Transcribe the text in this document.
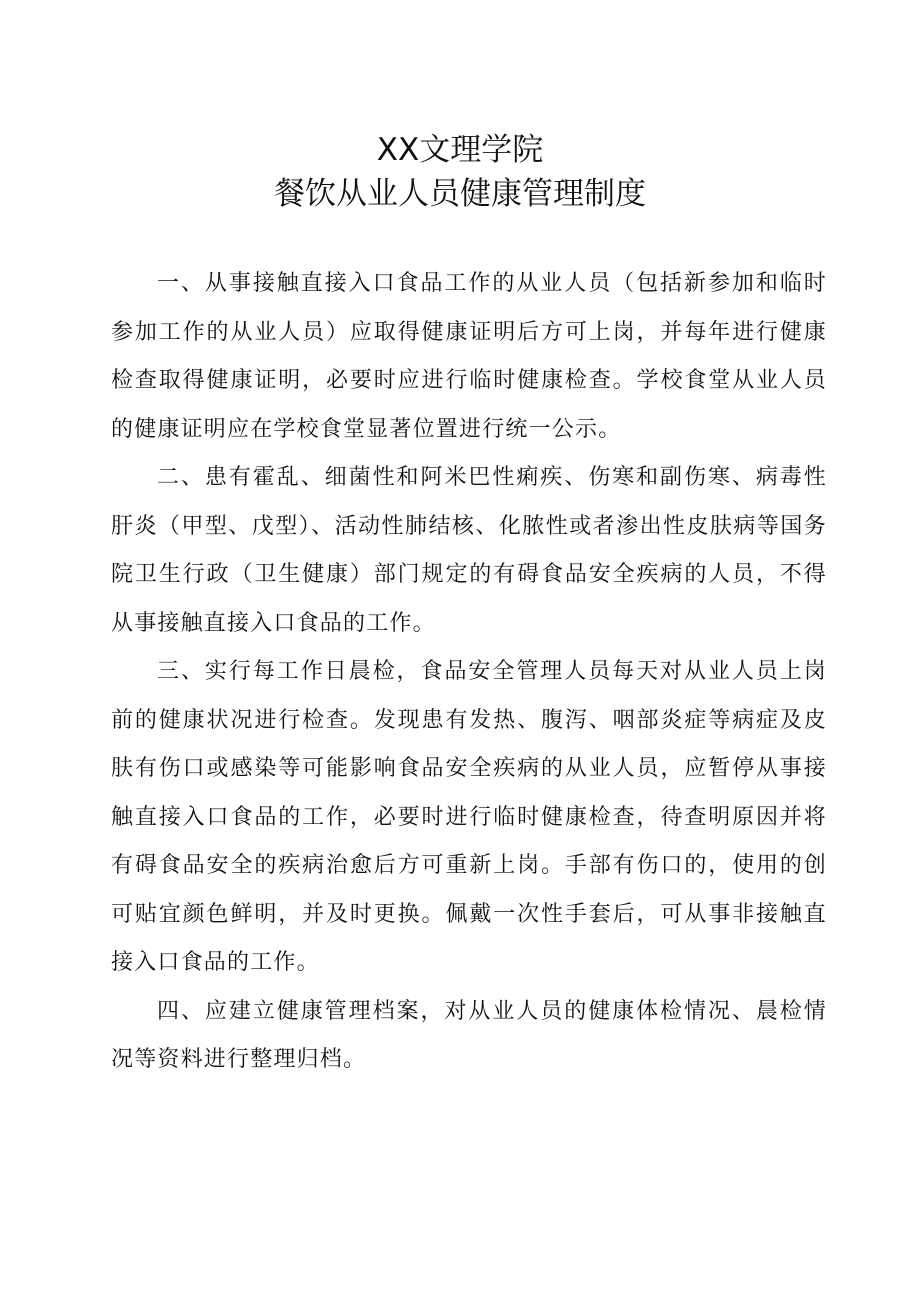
XX文理学院
餐饮从业人员健康管理制度

一、从事接触直接入口食品工作的从业人员（包括新参加和临时参加工作的从业人员）应取得健康证明后方可上岗，并每年进行健康检查取得健康证明，必要时应进行临时健康检查。学校食堂从业人员的健康证明应在学校食堂显著位置进行统一公示。

二、患有霍乱、细菌性和阿米巴性痢疾、伤寒和副伤寒、病毒性肝炎（甲型、戊型）、活动性肺结核、化脓性或者渗出性皮肤病等国务院卫生行政（卫生健康）部门规定的有碍食品安全疾病的人员，不得从事接触直接入口食品的工作。

三、实行每工作日晨检，食品安全管理人员每天对从业人员上岗前的健康状况进行检查。发现患有发热、腹泻、咽部炎症等病症及皮肤有伤口或感染等可能影响食品安全疾病的从业人员，应暂停从事接触直接入口食品的工作，必要时进行临时健康检查，待查明原因并将有碍食品安全的疾病治愈后方可重新上岗。手部有伤口的，使用的创可贴宜颜色鲜明，并及时更换。佩戴一次性手套后，可从事非接触直接入口食品的工作。

四、应建立健康管理档案，对从业人员的健康体检情况、晨检情况等资料进行整理归档。
